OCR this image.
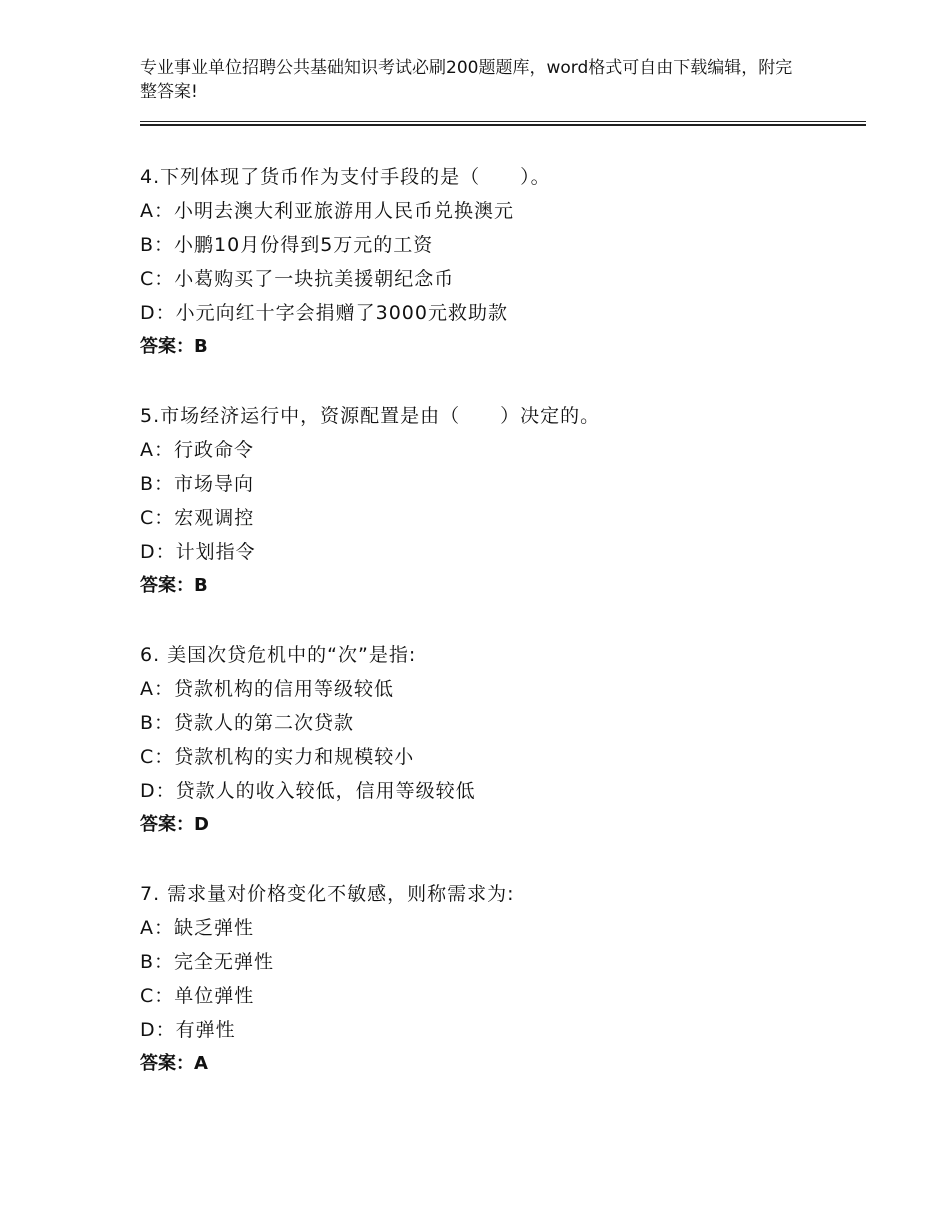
专业事业单位招聘公共基础知识考试必刷200题题库，word格式可自由下载编辑，附完整答案!
4.下列体现了货币作为支付手段的是（　　）。
A：小明去澳大利亚旅游用人民币兑换澳元
B：小鹏10月份得到5万元的工资
C：小葛购买了一块抗美援朝纪念币
D：小元向红十字会捐赠了3000元救助款
答案：B
5.市场经济运行中，资源配置是由（　　）决定的。
A：行政命令
B：市场导向
C：宏观调控
D：计划指令
答案：B
6. 美国次贷危机中的“次”是指:
A：贷款机构的信用等级较低
B：贷款人的第二次贷款
C：贷款机构的实力和规模较小
D：贷款人的收入较低，信用等级较低
答案：D
7. 需求量对价格变化不敏感，则称需求为:
A：缺乏弹性
B：完全无弹性
C：单位弹性
D：有弹性
答案：A
